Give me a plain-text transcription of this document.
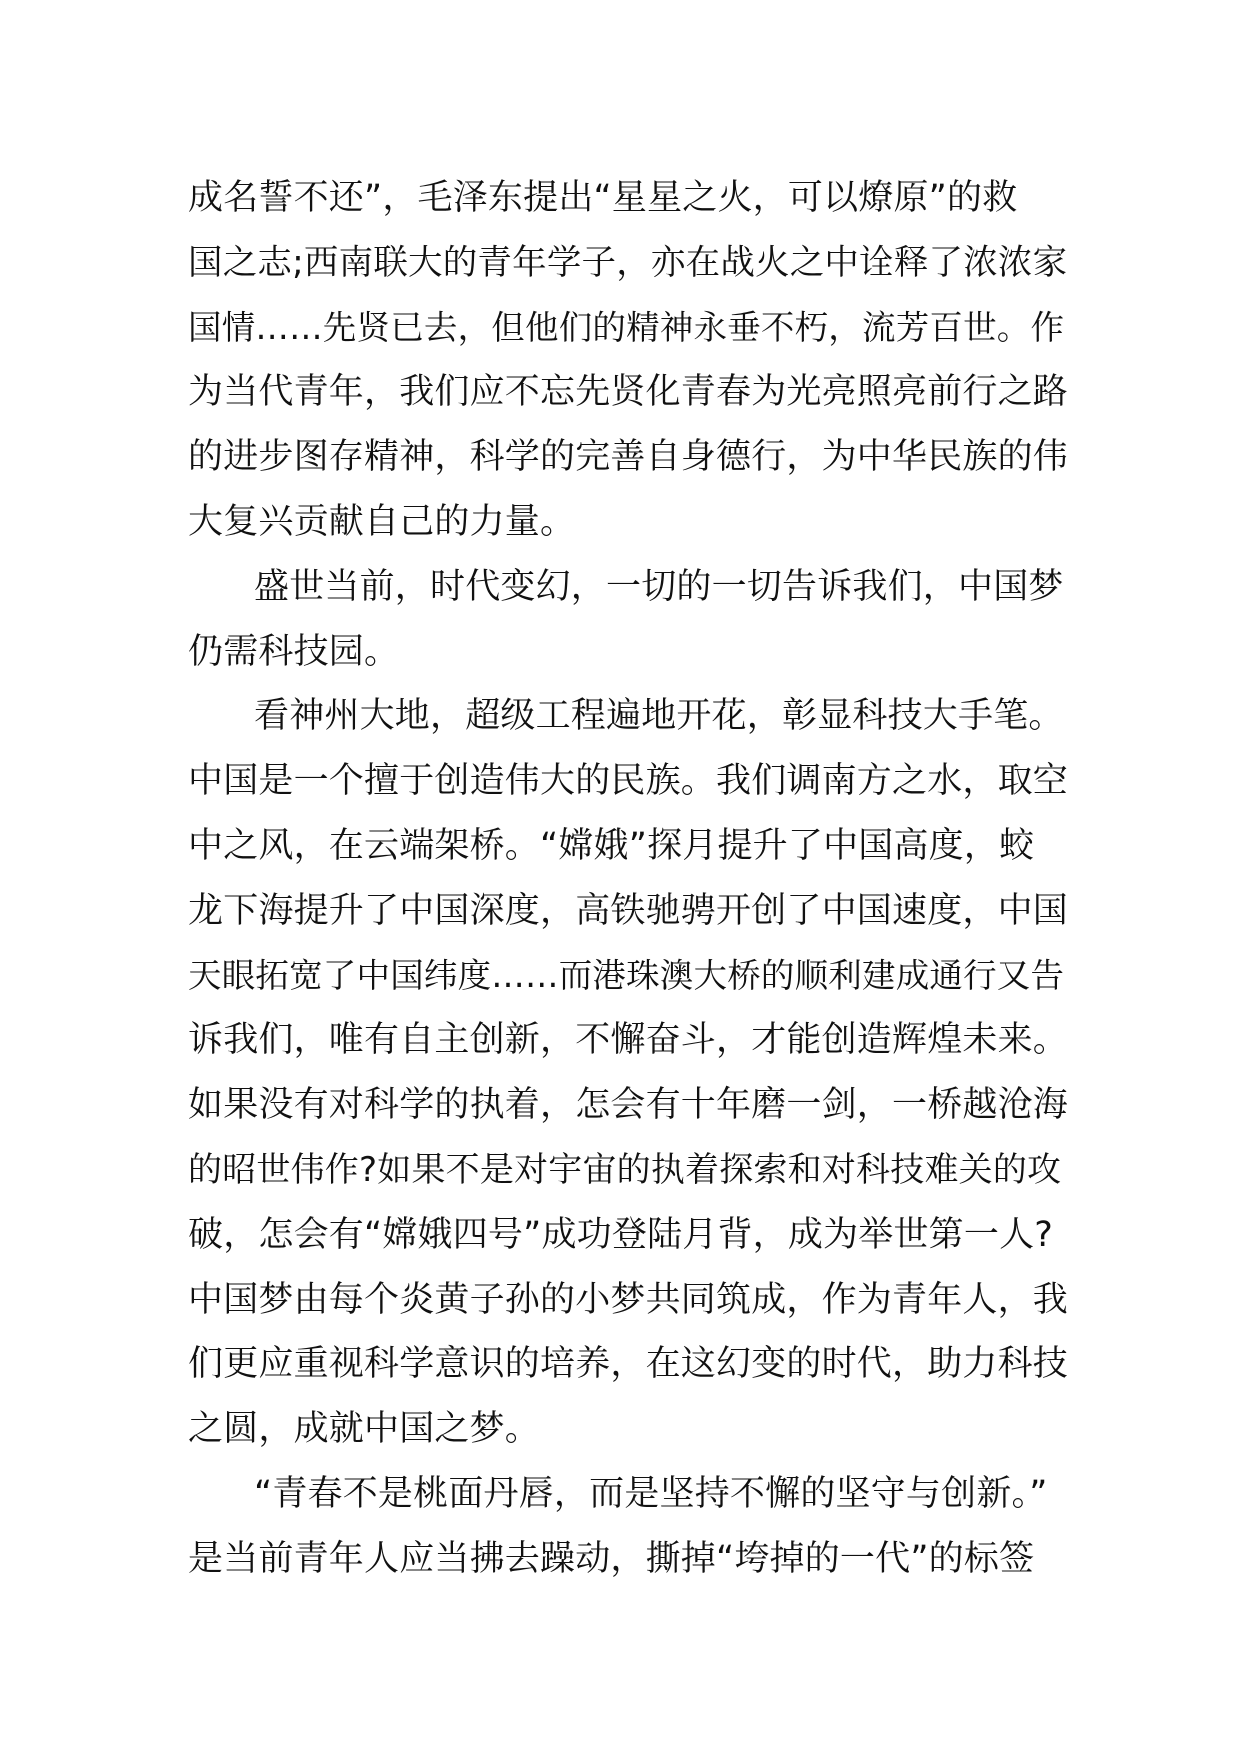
成名誓不还”，毛泽东提出“星星之火，可以燎原”的救
国之志;西南联大的青年学子，亦在战火之中诠释了浓浓家
国情……先贤已去，但他们的精神永垂不朽，流芳百世。作
为当代青年，我们应不忘先贤化青春为光亮照亮前行之路
的进步图存精神，科学的完善自身德行，为中华民族的伟
大复兴贡献自己的力量。
盛世当前，时代变幻，一切的一切告诉我们，中国梦
仍需科技园。
看神州大地，超级工程遍地开花，彰显科技大手笔。
中国是一个擅于创造伟大的民族。我们调南方之水，取空
中之风，在云端架桥。“嫦娥”探月提升了中国高度，蛟
龙下海提升了中国深度，高铁驰骋开创了中国速度，中国
天眼拓宽了中国纬度……而港珠澳大桥的顺利建成通行又告
诉我们，唯有自主创新，不懈奋斗，才能创造辉煌未来。
如果没有对科学的执着，怎会有十年磨一剑，一桥越沧海
的昭世伟作?如果不是对宇宙的执着探索和对科技难关的攻
破，怎会有“嫦娥四号”成功登陆月背，成为举世第一人?
中国梦由每个炎黄子孙的小梦共同筑成，作为青年人，我
们更应重视科学意识的培养，在这幻变的时代，助力科技
之圆，成就中国之梦。
“青春不是桃面丹唇，而是坚持不懈的坚守与创新。”
是当前青年人应当拂去躁动，撕掉“垮掉的一代”的标签
